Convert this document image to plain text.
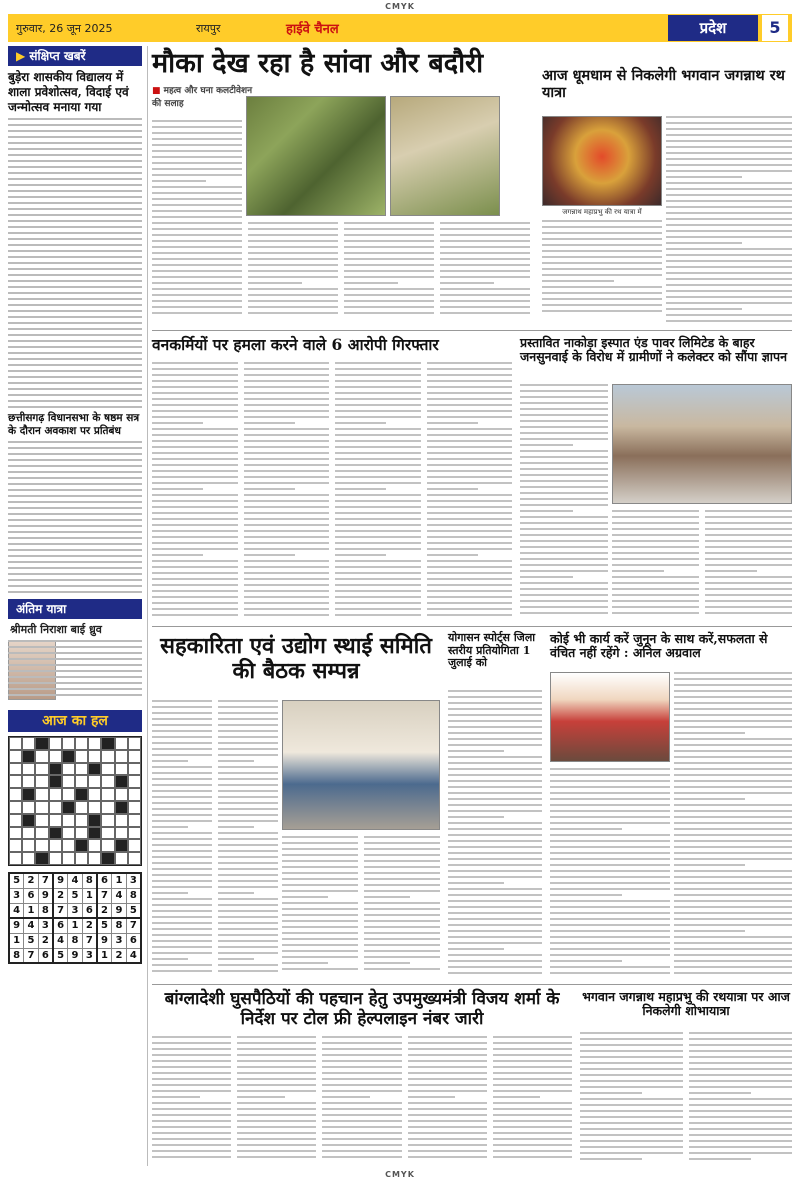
CMYK
गुरुवार, 26 जून 2025	रायपुर	हाईवे चैनल	प्रदेश	5
▶ संक्षिप्त खबरें
बुड़ेरा शासकीय विद्यालय में शाला प्रवेशोत्सव, विदाई एवं जन्मोत्सव मनाया गया
छत्तीसगढ़ विधानसभा के षष्ठम सत्र के दौरान अवकाश पर प्रतिबंध
अंतिम यात्रा
श्रीमती निराशा बाई ध्रुव
आज का हल
5	2	7	9	4	8	6	1	3
3	6	9	2	5	1	7	4	8
4	1	8	7	3	6	2	9	5
9	4	3	6	1	2	5	8	7
1	5	2	4	8	7	9	3	6
8	7	6	5	9	3	1	2	4
मौका देख रहा है सांवा और बदौरी
■ महत्व और घना कलटीवेशन की सलाह
आज धूमधाम से निकलेगी भगवान जगन्नाथ रथ यात्रा
जगन्नाथ महाप्रभु की रथ यात्रा में
वनकर्मियों पर हमला करने वाले 6 आरोपी गिरफ्तार	प्रस्तावित नाकोड़ा इस्पात एंड पावर लिमिटेड के बाहर जनसुनवाई के विरोध में ग्रामीणों ने कलेक्टर को सौंपा ज्ञापन
सहकारिता एवं उद्योग स्थाई समिति की बैठक सम्पन्न
योगासन स्पोर्ट्स जिला स्तरीय प्रतियोगिता 1 जुलाई को
कोई भी कार्य करें जुनून के साथ करें,सफलता से वंचित नहीं रहेंगे : अनिल अग्रवाल
बांग्लादेशी घुसपैठियों की पहचान हेतु उपमुख्यमंत्री विजय शर्मा के निर्देश पर टोल फ्री हेल्पलाइन नंबर जारी
भगवान जगन्नाथ महाप्रभु की रथयात्रा पर आज निकलेगी शोभायात्रा
CMYK
